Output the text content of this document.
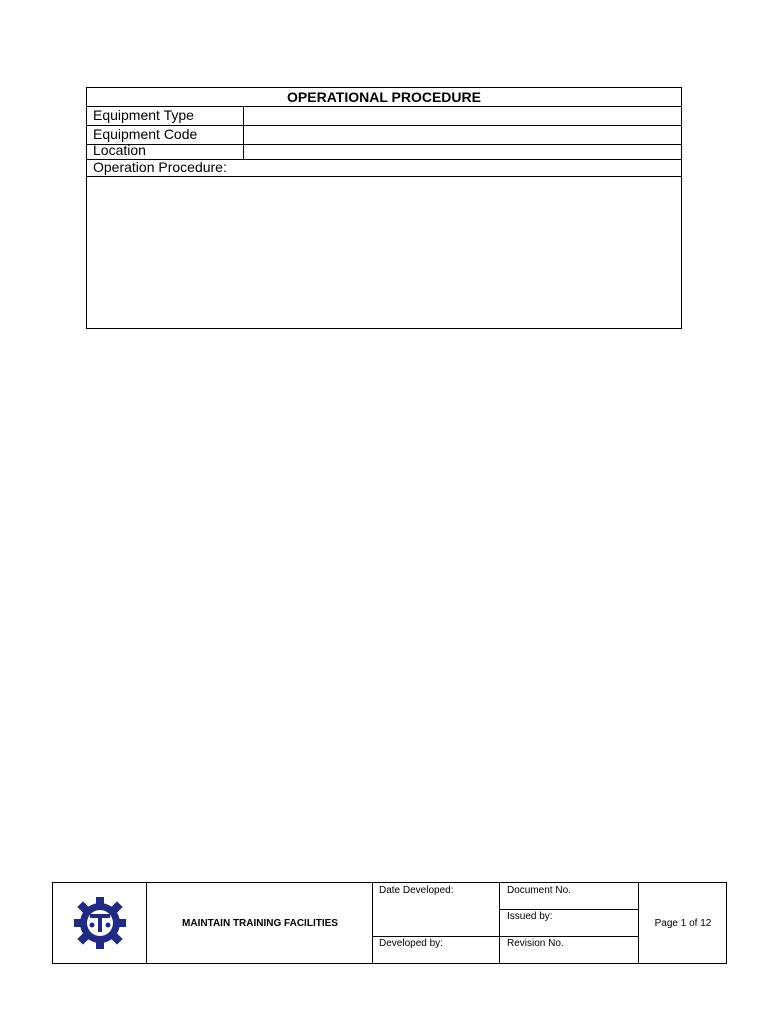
OPERATIONAL PROCEDURE
Equipment Type
Equipment Code
Location
Operation Procedure:
MAINTAIN TRAINING FACILITIES
Date Developed:
Developed by:
Document No.
Issued by:
Revision No.
Page 1 of 12
